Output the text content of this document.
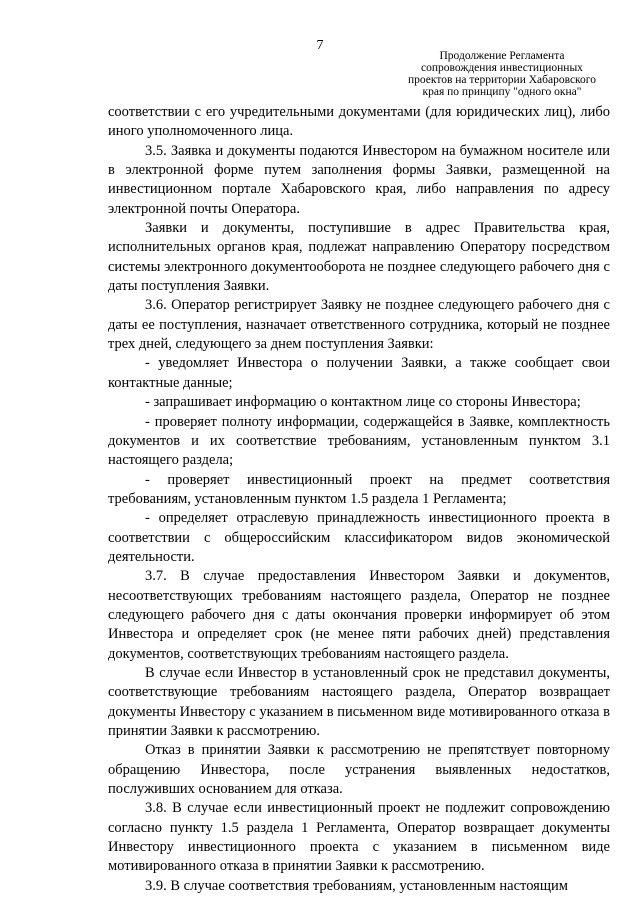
7
Продолжение Регламента
сопровождения инвестиционных
проектов на территории Хабаровского
края по принципу "одного окна"

соответствии с его учредительными документами (для юридических лиц), либо иного уполномоченного лица.

3.5. Заявка и документы подаются Инвестором на бумажном носителе или в электронной форме путем заполнения формы Заявки, размещенной на инвестиционном портале Хабаровского края, либо направления по адресу электронной почты Оператора.

Заявки и документы, поступившие в адрес Правительства края, исполнительных органов края, подлежат направлению Оператору посредством системы электронного документооборота не позднее следующего рабочего дня с даты поступления Заявки.

3.6. Оператор регистрирует Заявку не позднее следующего рабочего дня с даты ее поступления, назначает ответственного сотрудника, который не позднее трех дней, следующего за днем поступления Заявки:

- уведомляет Инвестора о получении Заявки, а также сообщает свои контактные данные;

- запрашивает информацию о контактном лице со стороны Инвестора;

- проверяет полноту информации, содержащейся в Заявке, комплектность документов и их соответствие требованиям, установленным пунктом 3.1 настоящего раздела;

- проверяет инвестиционный проект на предмет соответствия требованиям, установленным пунктом 1.5 раздела 1 Регламента;

- определяет отраслевую принадлежность инвестиционного проекта в соответствии с общероссийским классификатором видов экономической деятельности.

3.7. В случае предоставления Инвестором Заявки и документов, несоответствующих требованиям настоящего раздела, Оператор не позднее следующего рабочего дня с даты окончания проверки информирует об этом Инвестора и определяет срок (не менее пяти рабочих дней) представления документов, соответствующих требованиям настоящего раздела.

В случае если Инвестор в установленный срок не представил документы, соответствующие требованиям настоящего раздела, Оператор возвращает документы Инвестору с указанием в письменном виде мотивированного отказа в принятии Заявки к рассмотрению.

Отказ в принятии Заявки к рассмотрению не препятствует повторному обращению Инвестора, после устранения выявленных недостатков, послуживших основанием для отказа.

3.8. В случае если инвестиционный проект не подлежит сопровождению согласно пункту 1.5 раздела 1 Регламента, Оператор возвращает документы Инвестору инвестиционного проекта с указанием в письменном виде мотивированного отказа в принятии Заявки к рассмотрению.

3.9. В случае соответствия требованиям, установленным настоящим
